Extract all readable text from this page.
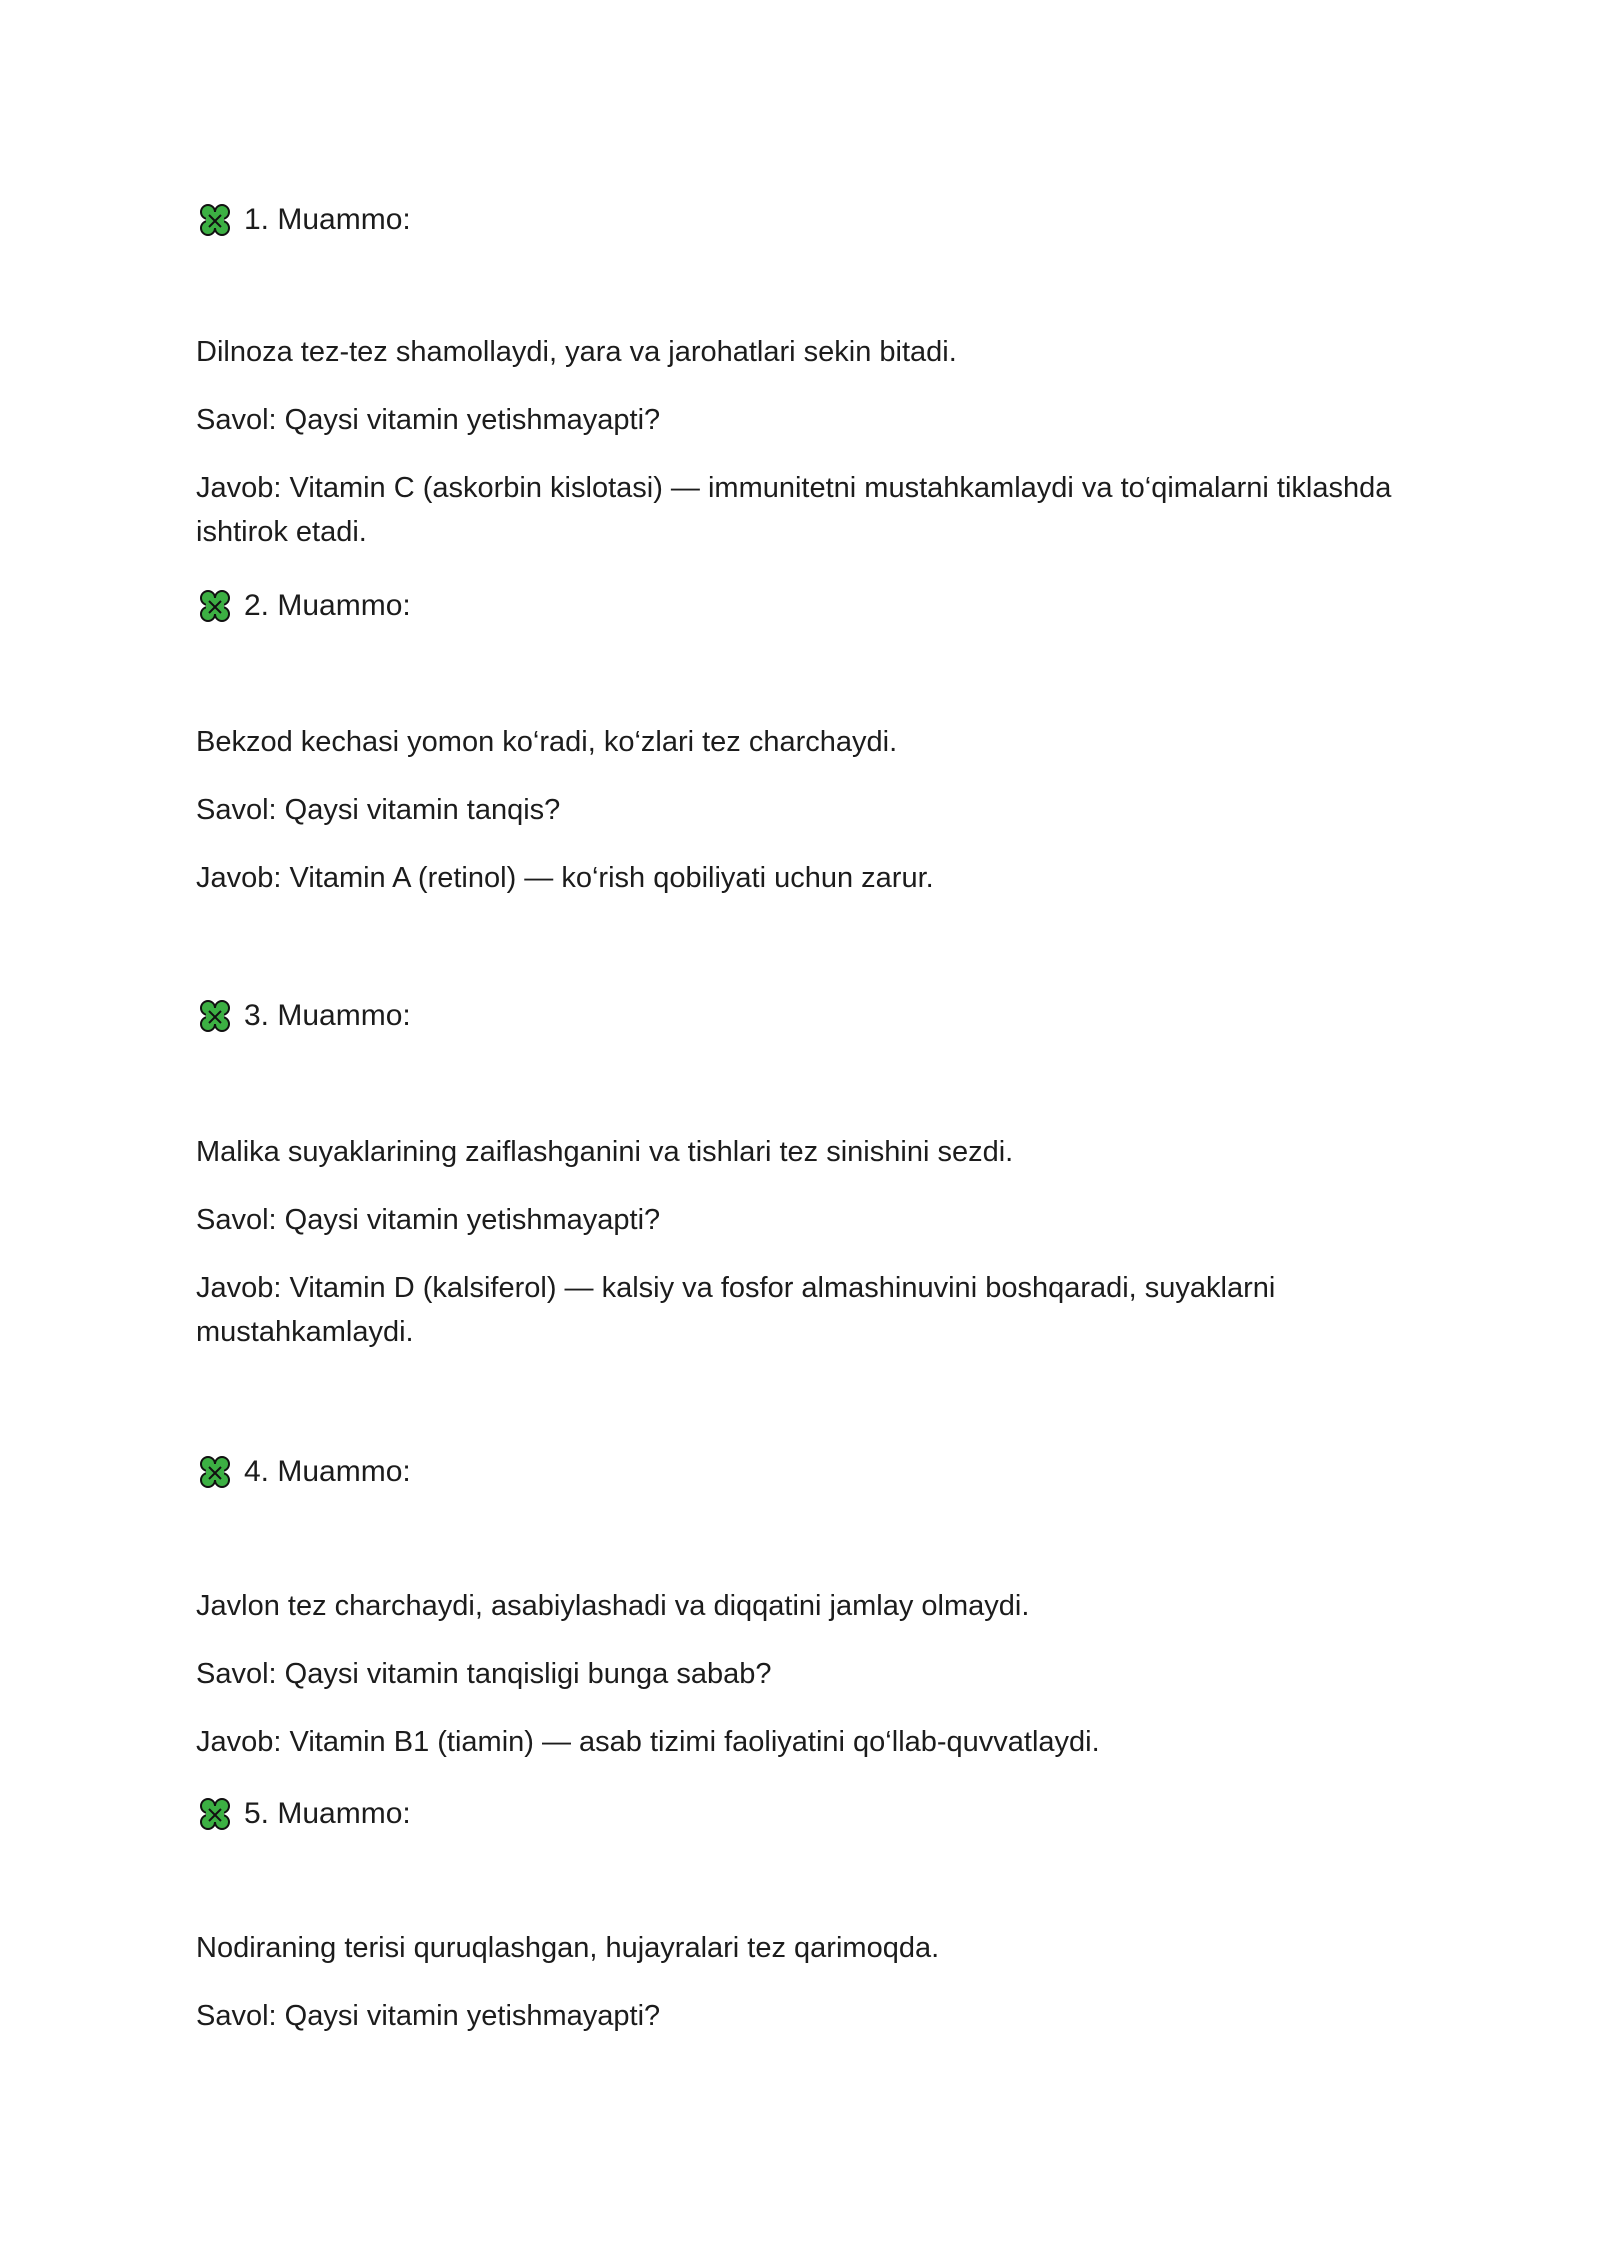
1. Muammo:
Dilnoza tez-tez shamollaydi, yara va jarohatlari sekin bitadi.
Savol: Qaysi vitamin yetishmayapti?
Javob: Vitamin C (askorbin kislotasi) — immunitetni mustahkamlaydi va to‘qimalarni tiklashda ishtirok etadi.
2. Muammo:
Bekzod kechasi yomon ko‘radi, ko‘zlari tez charchaydi.
Savol: Qaysi vitamin tanqis?
Javob: Vitamin A (retinol) — ko‘rish qobiliyati uchun zarur.
3. Muammo:
Malika suyaklarining zaiflashganini va tishlari tez sinishini sezdi.
Savol: Qaysi vitamin yetishmayapti?
Javob: Vitamin D (kalsiferol) — kalsiy va fosfor almashinuvini boshqaradi, suyaklarni mustahkamlaydi.
4. Muammo:
Javlon tez charchaydi, asabiylashadi va diqqatini jamlay olmaydi.
Savol: Qaysi vitamin tanqisligi bunga sabab?
Javob: Vitamin B1 (tiamin) — asab tizimi faoliyatini qo‘llab-quvvatlaydi.
5. Muammo:
Nodiraning terisi quruqlashgan, hujayralari tez qarimoqda.
Savol: Qaysi vitamin yetishmayapti?
